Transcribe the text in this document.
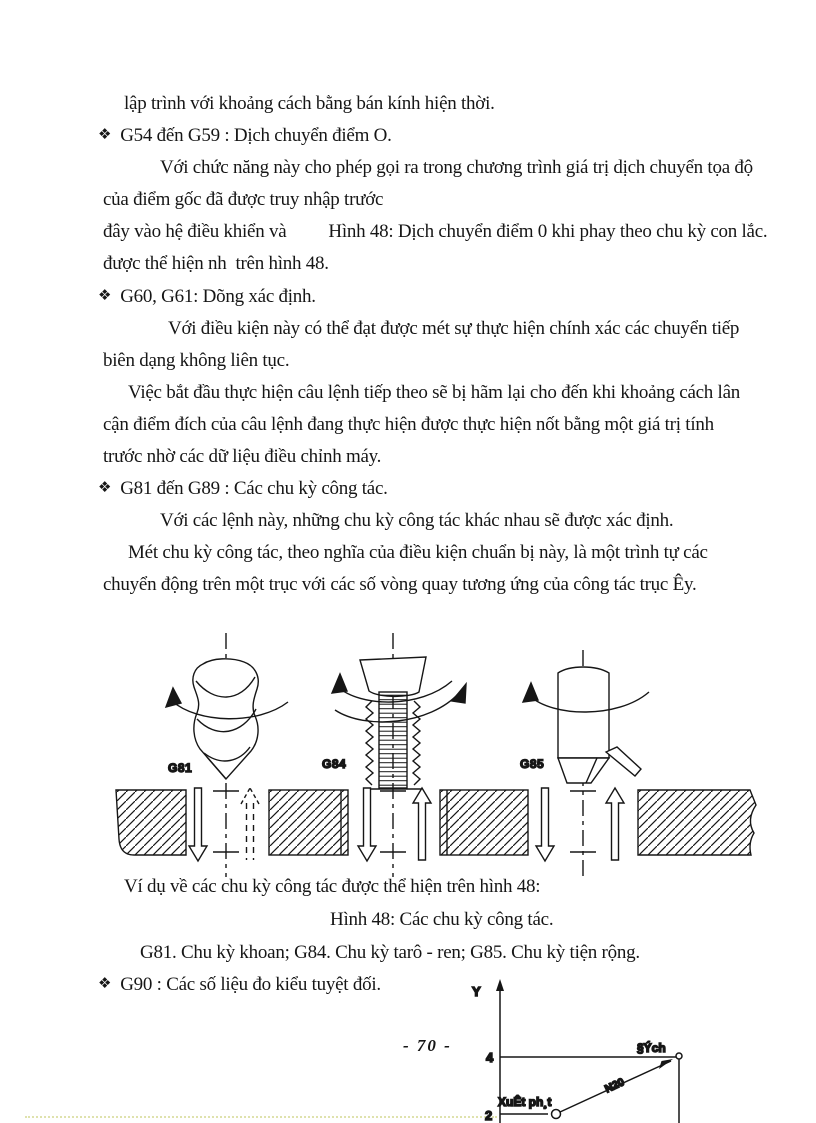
lập trình với khoảng cách bằng bán kính hiện thời.
❖ G54 đến G59 : Dịch chuyển điểm O.
Với chức năng này cho phép gọi ra trong chương trình giá trị dịch chuyển tọa độ
của điểm gốc đã được truy nhập trước
đây vào hệ điều khiển và Hình 48: Dịch chuyển điểm 0 khi phay theo chu kỳ con lắc.
được thể hiện nh  trên hình 48.
❖ G60, G61: Dõng xác định.
Với điều kiện này có thể đạt được mét sự thực hiện chính xác các chuyển tiếp
biên dạng không liên tục.
Việc bắt đầu thực hiện câu lệnh tiếp theo sẽ bị hãm lại cho đến khi khoảng cách lân
cận điểm đích của câu lệnh đang thực hiện được thực hiện nốt bằng một giá trị tính
trước nhờ các dữ liệu điều chỉnh máy.
❖ G81 đến G89 : Các chu kỳ công tác.
Với các lệnh này, những chu kỳ công tác khác nhau sẽ được xác định.
Mét chu kỳ công tác, theo nghĩa của điều kiện chuẩn bị này, là một trình tự các
chuyển động trên một trục với các số vòng quay tương ứng của công tác trục Êy.
G81	G84	G85
Ví dụ về các chu kỳ công tác được thể hiện trên hình 48:
Hình 48: Các chu kỳ công tác.
G81. Chu kỳ khoan; G84. Chu kỳ tarô - ren; G85. Chu kỳ tiện rộng.
❖ G90 : Các số liệu đo kiểu tuyệt đối.
- 70 -
Y
4
2
N20
XuÊt ph¸t
§Ých
